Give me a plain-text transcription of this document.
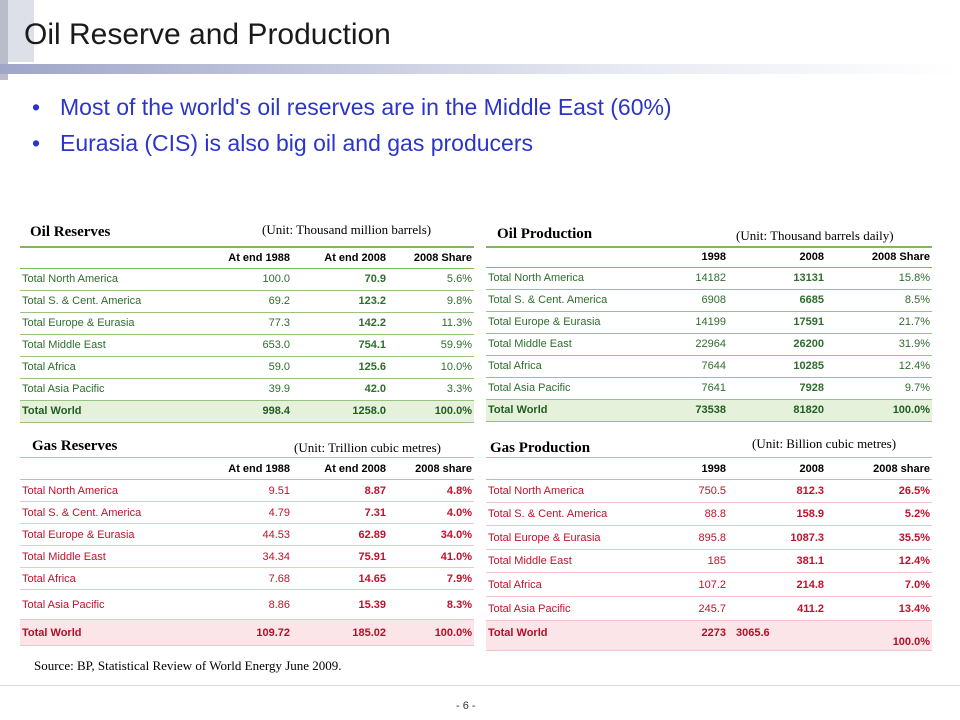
Oil Reserve and Production
• Most of the world's oil reserves are in the Middle East (60%)
• Eurasia (CIS) is also big oil and gas producers
Oil Reserves	(Unit: Thousand million barrels)
	At end 1988	At end 2008	2008 Share
Total North America	100.0	70.9	5.6%
Total S. & Cent. America	69.2	123.2	9.8%
Total Europe & Eurasia	77.3	142.2	11.3%
Total Middle East	653.0	754.1	59.9%
Total Africa	59.0	125.6	10.0%
Total Asia Pacific	39.9	42.0	3.3%
Total World	998.4	1258.0	100.0%
Oil Production	(Unit: Thousand barrels daily)
	1998	2008	2008 Share
Total North America	14182	13131	15.8%
Total S. & Cent. America	6908	6685	8.5%
Total Europe & Eurasia	14199	17591	21.7%
Total Middle East	22964	26200	31.9%
Total Africa	7644	10285	12.4%
Total Asia Pacific	7641	7928	9.7%
Total World	73538	81820	100.0%
Gas Reserves	(Unit: Trillion cubic metres)
	At end 1988	At end 2008	2008 share
Total North America	9.51	8.87	4.8%
Total S. & Cent. America	4.79	7.31	4.0%
Total Europe & Eurasia	44.53	62.89	34.0%
Total Middle East	34.34	75.91	41.0%
Total Africa	7.68	14.65	7.9%
Total Asia Pacific	8.86	15.39	8.3%
Total World	109.72	185.02	100.0%
Gas Production	(Unit: Billion cubic metres)
	1998	2008	2008 share
Total North America	750.5	812.3	26.5%
Total S. & Cent. America	88.8	158.9	5.2%
Total Europe & Eurasia	895.8	1087.3	35.5%
Total Middle East	185	381.1	12.4%
Total Africa	107.2	214.8	7.0%
Total Asia Pacific	245.7	411.2	13.4%
Total World	2273	3065.6	100.0%
Source: BP, Statistical Review of World Energy June 2009.
- 6 -
